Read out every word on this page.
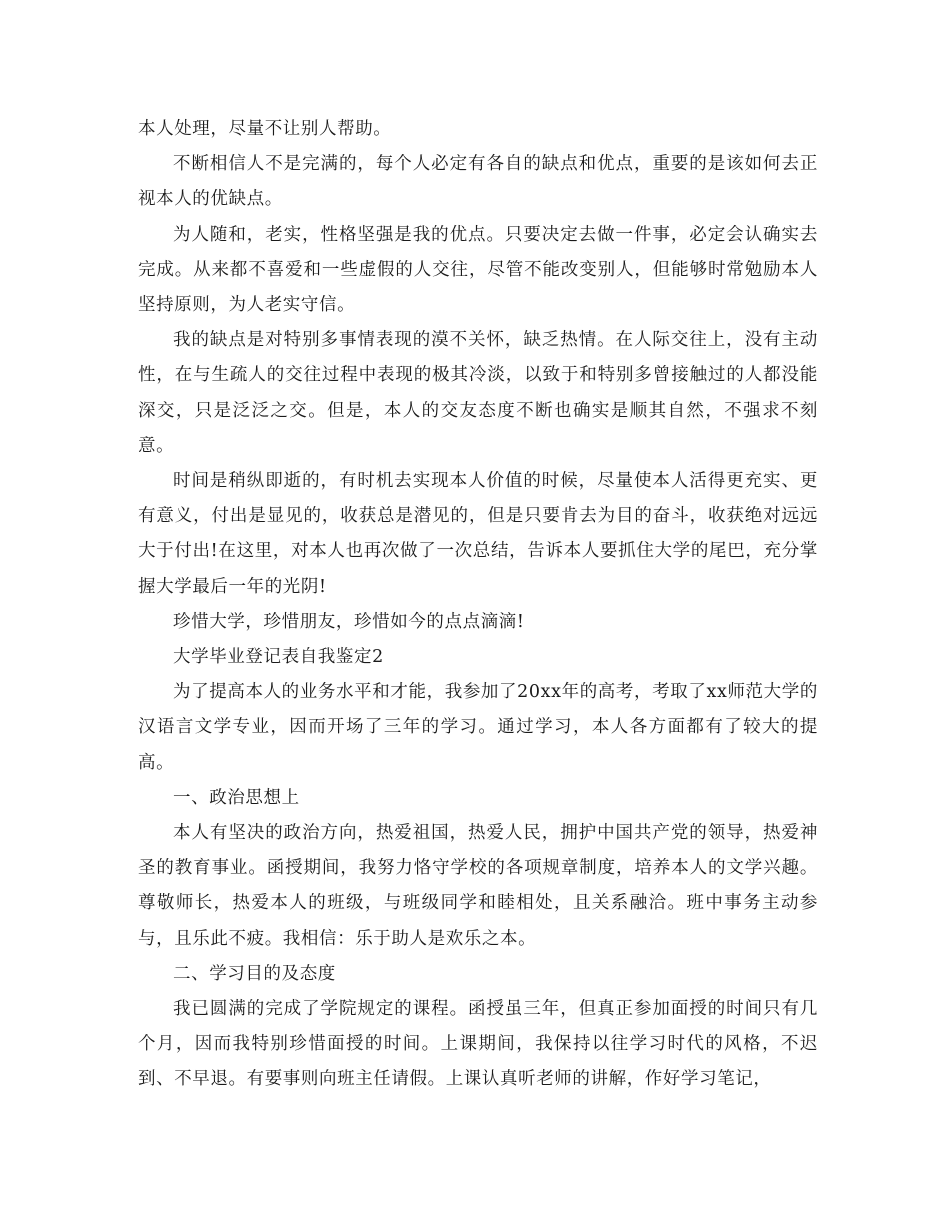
本人处理，尽量不让别人帮助。

不断相信人不是完满的，每个人必定有各自的缺点和优点，重要的是该如何去正视本人的优缺点。

为人随和，老实，性格坚强是我的优点。只要决定去做一件事，必定会认确实去完成。从来都不喜爱和一些虚假的人交往，尽管不能改变别人，但能够时常勉励本人坚持原则，为人老实守信。

我的缺点是对特别多事情表现的漠不关怀，缺乏热情。在人际交往上，没有主动性，在与生疏人的交往过程中表现的极其冷淡，以致于和特别多曾接触过的人都没能深交，只是泛泛之交。但是，本人的交友态度不断也确实是顺其自然，不强求不刻意。

时间是稍纵即逝的，有时机去实现本人价值的时候，尽量使本人活得更充实、更有意义，付出是显见的，收获总是潜见的，但是只要肯去为目的奋斗，收获绝对远远大于付出!在这里，对本人也再次做了一次总结，告诉本人要抓住大学的尾巴，充分掌握大学最后一年的光阴!

珍惜大学，珍惜朋友，珍惜如今的点点滴滴!

大学毕业登记表自我鉴定2

为了提高本人的业务水平和才能，我参加了20xx年的高考，考取了xx师范大学的汉语言文学专业，因而开场了三年的学习。通过学习，本人各方面都有了较大的提高。

一、政治思想上

本人有坚决的政治方向，热爱祖国，热爱人民，拥护中国共产党的领导，热爱神圣的教育事业。函授期间，我努力恪守学校的各项规章制度，培养本人的文学兴趣。尊敬师长，热爱本人的班级，与班级同学和睦相处，且关系融洽。班中事务主动参与，且乐此不疲。我相信：乐于助人是欢乐之本。

二、学习目的及态度

我已圆满的完成了学院规定的课程。函授虽三年，但真正参加面授的时间只有几个月，因而我特别珍惜面授的时间。上课期间，我保持以往学习时代的风格，不迟到、不早退。有要事则向班主任请假。上课认真听老师的讲解，作好学习笔记，
